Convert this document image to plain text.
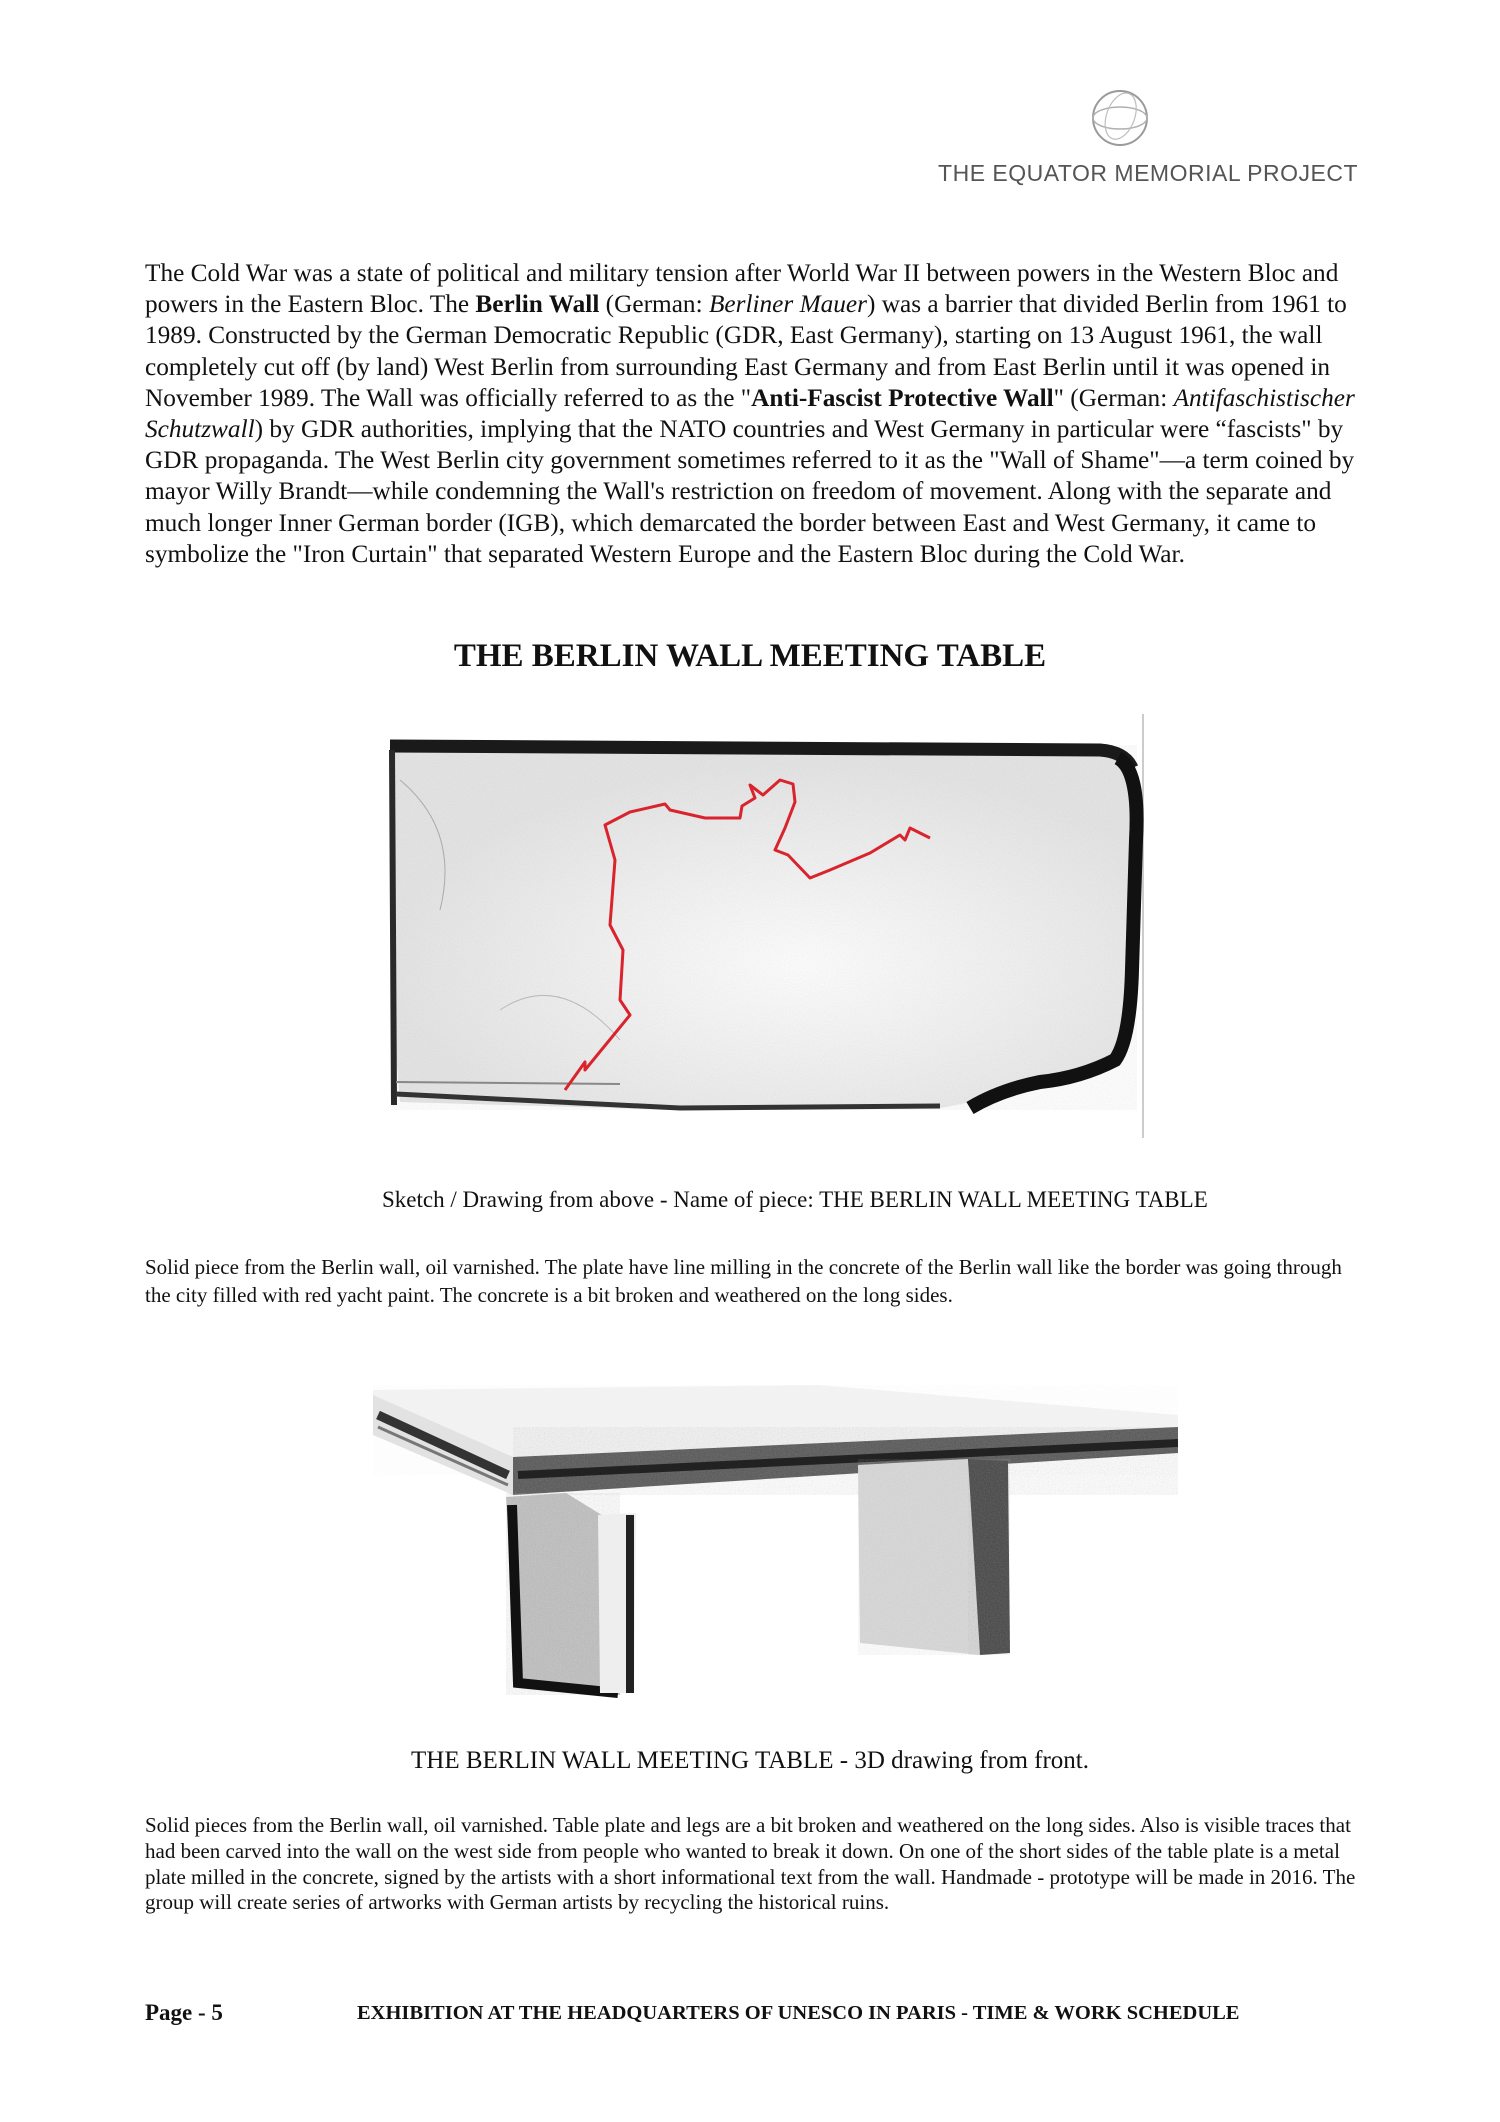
THE EQUATOR MEMORIAL PROJECT

The Cold War was a state of political and military tension after World War II between powers in the Western Bloc and powers in the Eastern Bloc. The Berlin Wall (German: Berliner Mauer) was a barrier that divided Berlin from 1961 to 1989. Constructed by the German Democratic Republic (GDR, East Germany), starting on 13 August 1961, the wall completely cut off (by land) West Berlin from surrounding East Germany and from East Berlin until it was opened in November 1989. The Wall was officially referred to as the "Anti-Fascist Protective Wall" (German: Antifaschistischer Schutzwall) by GDR authorities, implying that the NATO countries and West Germany in particular were “fascists" by GDR propaganda. The West Berlin city government sometimes referred to it as the "Wall of Shame"—a term coined by mayor Willy Brandt—while condemning the Wall's restriction on freedom of movement. Along with the separate and much longer Inner German border (IGB), which demarcated the border between East and West Germany, it came to symbolize the "Iron Curtain" that separated Western Europe and the Eastern Bloc during the Cold War.

THE BERLIN WALL MEETING TABLE

Sketch / Drawing from above - Name of piece: THE BERLIN WALL MEETING TABLE

Solid piece from the Berlin wall, oil varnished. The plate have line milling in the concrete of the Berlin wall like the border was going through the city filled with red yacht paint. The concrete is a bit broken and weathered on the long sides.

THE BERLIN WALL MEETING TABLE - 3D drawing from front.

Solid pieces from the Berlin wall, oil varnished. Table plate and legs are a bit broken and weathered on the long sides. Also is visible traces that had been carved into the wall on the west side from people who wanted to break it down. On one of the short sides of the table plate is a metal plate milled in the concrete, signed by the artists with a short informational text from the wall. Handmade - prototype will be made in 2016. The group will create series of artworks with German artists by recycling the historical ruins.

Page - 5	EXHIBITION AT THE HEADQUARTERS OF UNESCO IN PARIS - TIME & WORK SCHEDULE
